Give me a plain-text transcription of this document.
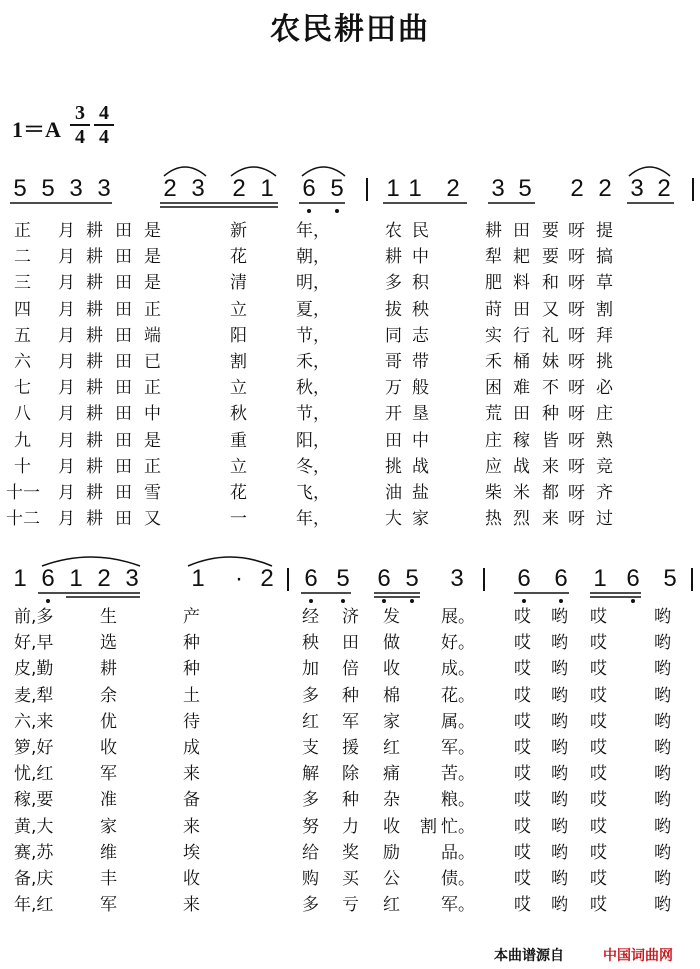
农民耕田曲
$1=A \frac{3}{4} \frac{4}{4}$
5 5 3 3 2 3 2 1 6 5 1 1 2 3 5 2 2 3 2
1 6 1 2 3 1 · 2 6 5 6 5 3 6 6 1 6 5
正 月 耕 田 是	新	年，	农 民	耕 田 要 呀 提
二 月 耕 田 是	花	朝，	耕 中	犁 耙 要 呀 搞
三 月 耕 田 是	清	明，	多 积	肥 料 和 呀 草
四 月 耕 田 正	立	夏，	拔 秧	莳 田 又 呀 割
五 月 耕 田 端	阳	节，	同 志	实 行 礼 呀 拜
六 月 耕 田 已	割	禾，	哥 带	禾 桶 妹 呀 挑
七 月 耕 田 正	立	秋，	万 般	困 难 不 呀 必
八 月 耕 田 中	秋	节，	开 垦	荒 田 种 呀 庄
九 月 耕 田 是	重	阳，	田 中	庄 稼 皆 呀 熟
十 月 耕 田 正	立	冬，	挑 战	应 战 来 呀 竞
十一 月 耕 田 雪	花	飞，	油 盐	柴 米 都 呀 齐
十二 月 耕 田 又	一	年，	大 家	热 烈 来 呀 过
前,多	生	产	经 济 发 展。 哎 哟 哎	哟
好,早	选	种	秧 田 做 好。 哎 哟 哎	哟
皮,勤	耕	种	加 倍 收 成。 哎 哟 哎	哟
麦,犁	余	土	多 种 棉 花。 哎 哟 哎	哟
六,来	优	待	红 军 家 属。 哎 哟 哎	哟
箩,好	收	成	支 援 红 军。 哎 哟 哎	哟
忧,红	军	来	解 除 痛 苦。 哎 哟 哎	哟
稼,要	准	备	多 种 杂 粮。 哎 哟 哎	哟
黄,大	家	来	努 力 收 割 忙。 哎 哟 哎	哟
赛,苏	维	埃	给 奖 励 品。 哎 哟 哎	哟
备,庆	丰	收	购 买 公 债。 哎 哟 哎	哟
年,红	军	来	多 亏 红 军。 哎 哟 哎	哟
本曲谱源自	中国词曲网
